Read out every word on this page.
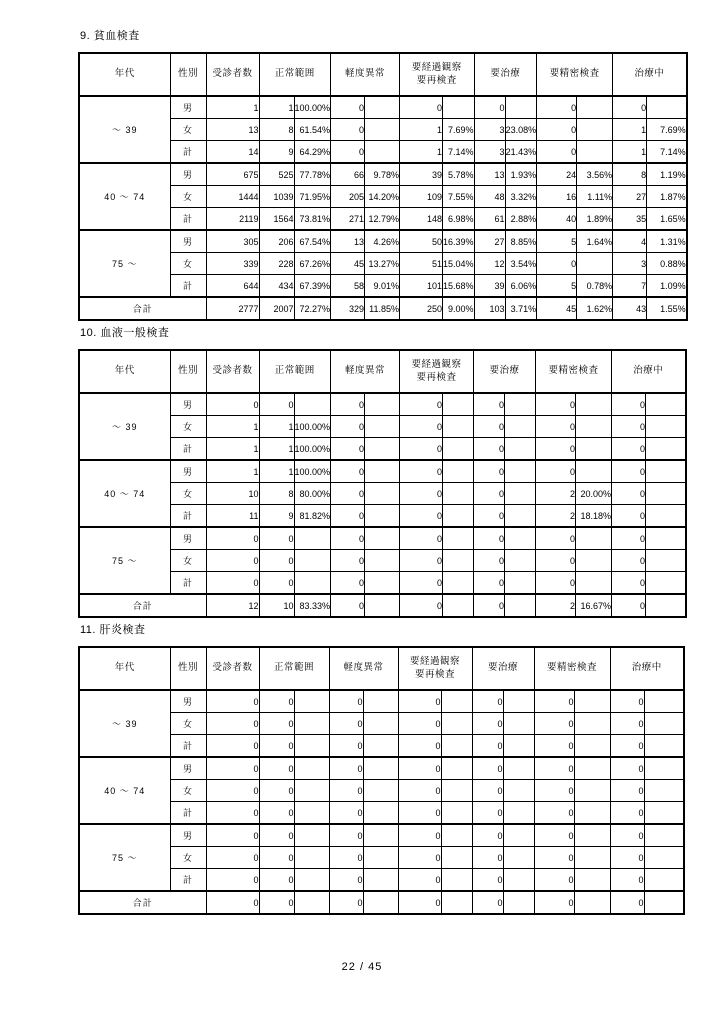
9. 貧血検査
年代	性別	受診者数	正常範囲		軽度異常		要経過観察
要再検査		要治療		要精密検査		治療中	
～ 39	男	1	1	100.00%	0		0		0		0		0	
	女	13	8	61.54%	0		1	7.69%	3	23.08%	0		1	7.69%
	計	14	9	64.29%	0		1	7.14%	3	21.43%	0		1	7.14%
40 ～ 74	男	675	525	77.78%	66	9.78%	39	5.78%	13	1.93%	24	3.56%	8	1.19%
	女	1444	1039	71.95%	205	14.20%	109	7.55%	48	3.32%	16	1.11%	27	1.87%
	計	2119	1564	73.81%	271	12.79%	148	6.98%	61	2.88%	40	1.89%	35	1.65%
75 ～	男	305	206	67.54%	13	4.26%	50	16.39%	27	8.85%	5	1.64%	4	1.31%
	女	339	228	67.26%	45	13.27%	51	15.04%	12	3.54%	0		3	0.88%
	計	644	434	67.39%	58	9.01%	101	15.68%	39	6.06%	5	0.78%	7	1.09%
合計		2777	2007	72.27%	329	11.85%	250	9.00%	103	3.71%	45	1.62%	43	1.55%
10. 血液一般検査
年代	性別	受診者数	正常範囲		軽度異常		要経過観察
要再検査		要治療		要精密検査		治療中	
～ 39	男	0	0		0		0		0		0		0	
	女	1	1	100.00%	0		0		0		0		0	
	計	1	1	100.00%	0		0		0		0		0	
40 ～ 74	男	1	1	100.00%	0		0		0		0		0	
	女	10	8	80.00%	0		0		0		2	20.00%	0	
	計	11	9	81.82%	0		0		0		2	18.18%	0	
75 ～	男	0	0		0		0		0		0		0	
	女	0	0		0		0		0		0		0	
	計	0	0		0		0		0		0		0	
合計		12	10	83.33%	0		0		0		2	16.67%	0	
11. 肝炎検査
年代	性別	受診者数	正常範囲		軽度異常		要経過観察
要再検査		要治療		要精密検査		治療中	
～ 39	男	0	0		0		0		0		0		0	
	女	0	0		0		0		0		0		0	
	計	0	0		0		0		0		0		0	
40 ～ 74	男	0	0		0		0		0		0		0	
	女	0	0		0		0		0		0		0	
	計	0	0		0		0		0		0		0	
75 ～	男	0	0		0		0		0		0		0	
	女	0	0		0		0		0		0		0	
	計	0	0		0		0		0		0		0	
合計		0	0		0		0		0		0		0	
22 / 45
